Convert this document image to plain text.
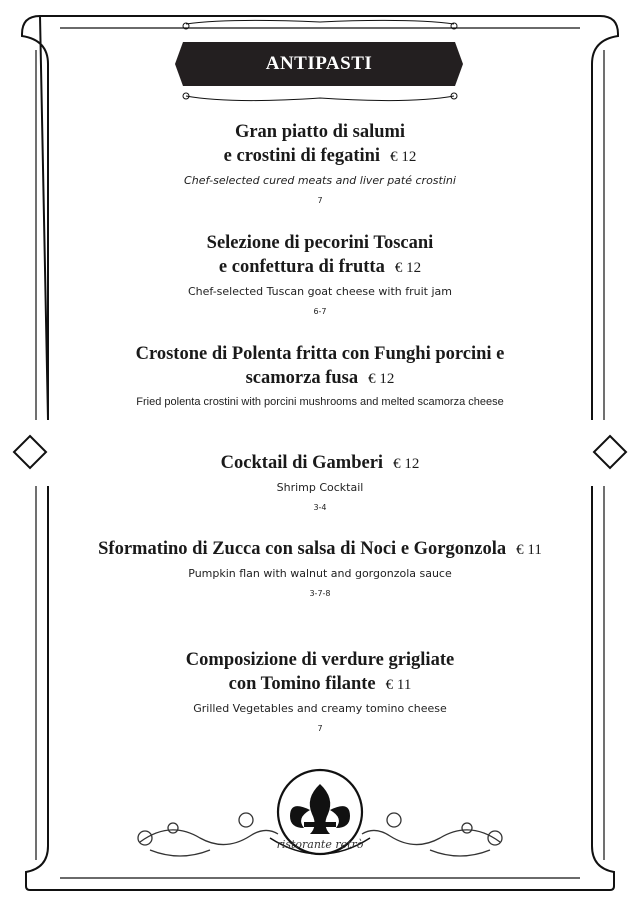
ANTIPASTI
Gran piatto di salumi
e crostini di fegatini € 12
Chef-selected cured meats and liver paté crostini
7
Selezione di pecorini Toscani
e confettura di frutta € 12
Chef-selected Tuscan goat cheese with fruit jam
6-7
Crostone di Polenta fritta con Funghi porcini e
scamorza fusa € 12
Fried polenta crostini with porcini mushrooms and melted scamorza cheese
Cocktail di Gamberi € 12
Shrimp Cocktail
3-4
Sformatino di Zucca con salsa di Noci e Gorgonzola € 11
Pumpkin flan with walnut and gorgonzola sauce
3-7-8
Composizione di verdure grigliate
con Tomino filante € 11
Grilled Vegetables and creamy tomino cheese
7
ristorante retrò
